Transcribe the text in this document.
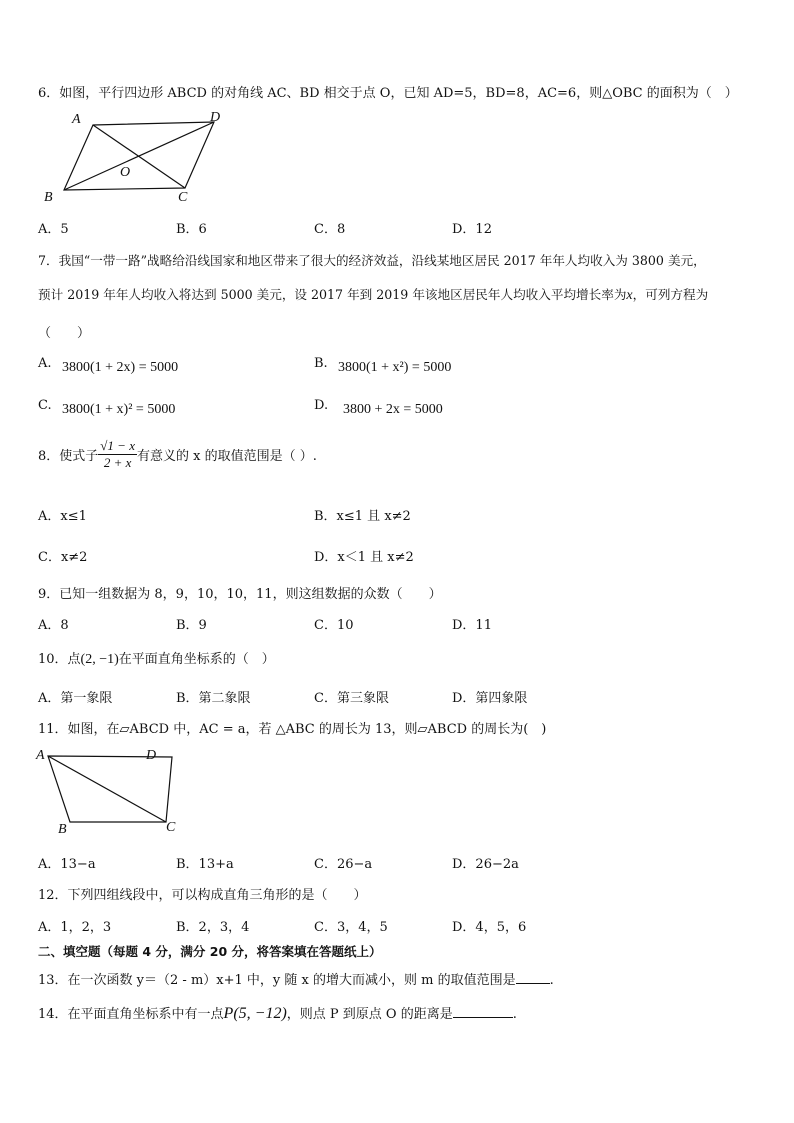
6．如图，平行四边形 ABCD 的对角线 AC、BD 相交于点 O，已知 AD=5，BD=8，AC=6，则△OBC 的面积为（　）
A	D
O
B	C
A．5	B．6	C．8	D．12
7．我国“一带一路”战略给沿线国家和地区带来了很大的经济效益，沿线某地区居民 2017 年年人均收入为 3800 美元，
预计 2019 年年人均收入将达到 5000 美元，设 2017 年到 2019 年该地区居民年人均收入平均增长率为x，可列方程为
（　　）
A. 3800(1 + 2x) = 5000	B. 3800(1 + x²) = 5000
C. 3800(1 + x)² = 5000	D. 3800 + 2x = 5000
8．使式子 $\frac{√1 - x}{2 + x}$ 有意义的 x 的取值范围是（ ）.
A．x≤1	B．x≤1 且 x≠2
C．x≠2	D．x＜1 且 x≠2
9．已知一组数据为 8，9，10，10，11，则这组数据的众数（　　）
A．8	B．9	C．10	D．11
10．点(2, −1)在平面直角坐标系的（　）
A．第一象限	B．第二象限	C．第三象限	D．第四象限
11．如图，在▱ABCD 中，AC = a，若 △ABC 的周长为 13，则▱ABCD 的周长为(　)
A	D
B	C
A．13−a	B．13+a	C．26−a	D．26−2a
12．下列四组线段中，可以构成直角三角形的是（　　）
A．1，2，3	B．2，3，4	C．3，4，5	D．4，5，6
二、填空题（每题 4 分，满分 20 分，将答案填在答题纸上）
13．在一次函数 y＝（2 - m）x+1 中，y 随 x 的增大而减小，则 m 的取值范围是	.
14．在平面直角坐标系中有一点P(5, −12)，则点 P 到原点 O 的距离是	.
